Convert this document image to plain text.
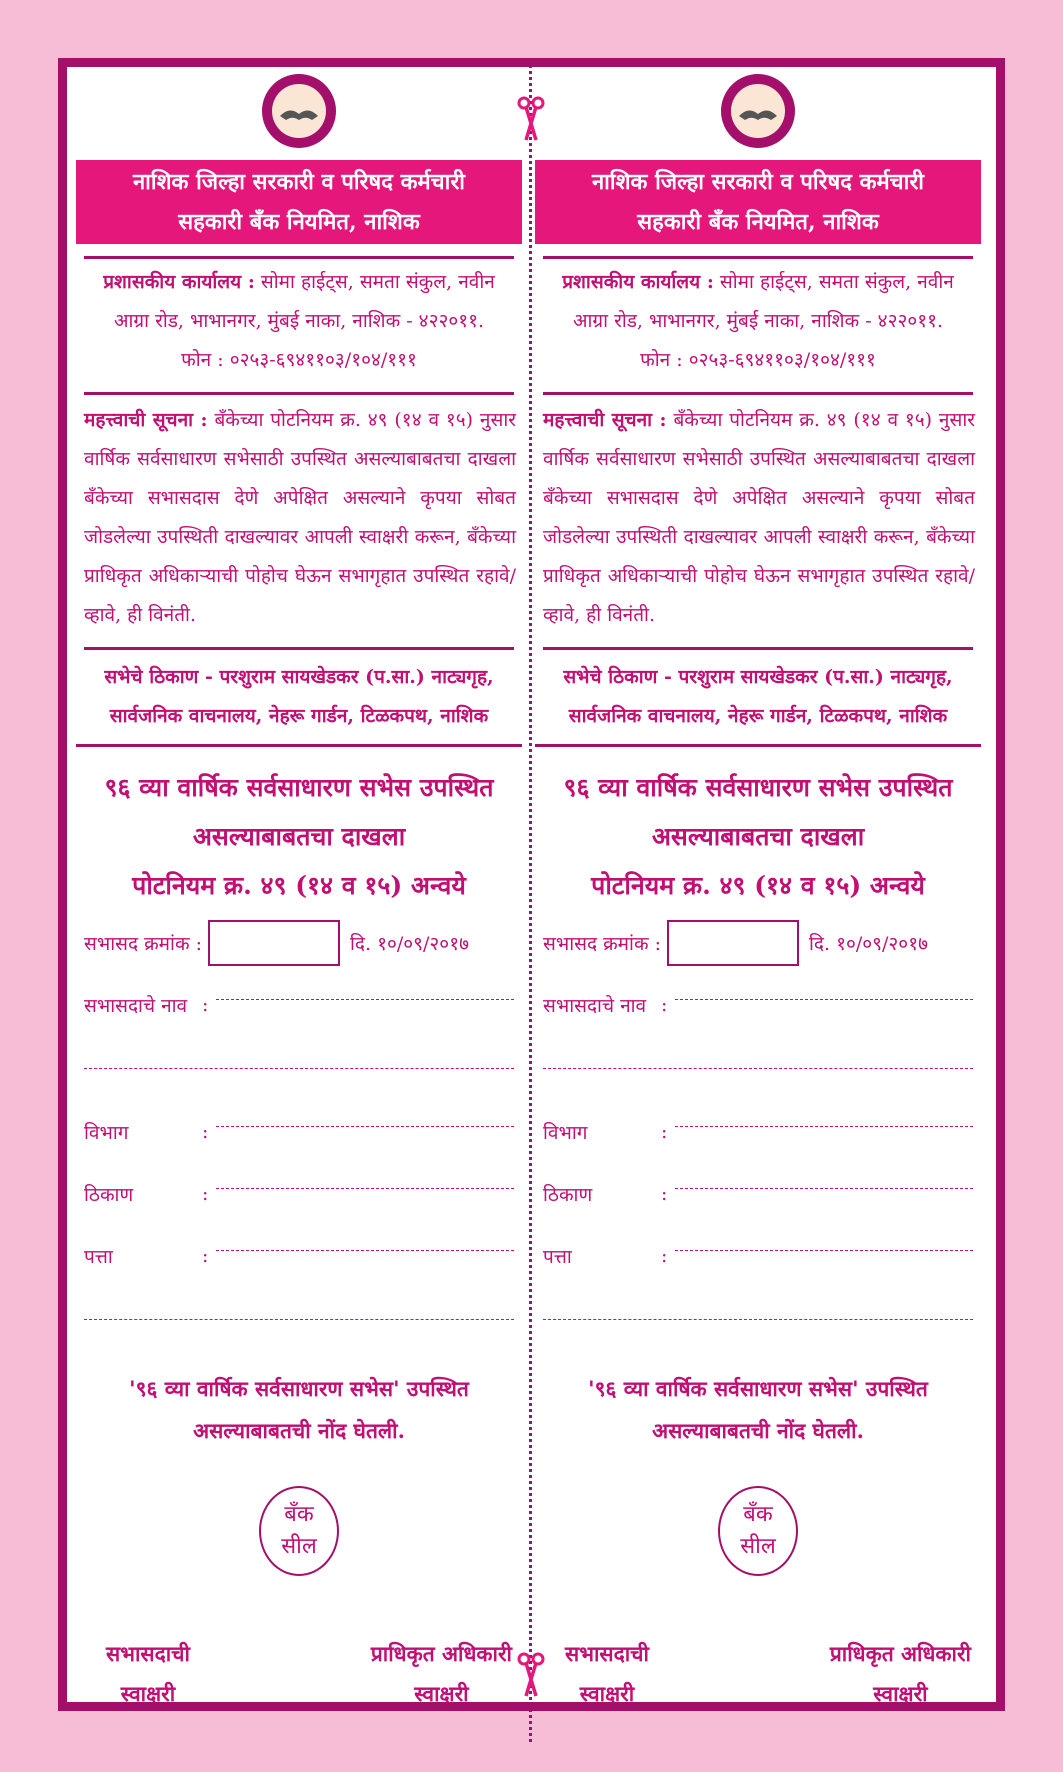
नाशिक जिल्हा सरकारी व परिषद कर्मचारी
सहकारी बँक नियमित, नाशिक
प्रशासकीय कार्यालय : सोमा हाईट्स, समता संकुल, नवीन आग्रा रोड, भाभानगर, मुंबई नाका, नाशिक - ४२२०११.
फोन : ०२५३-६९४११०३/१०४/१११
महत्त्वाची सूचना : बँकेच्या पोटनियम क्र. ४९ (१४ व १५) नुसार वार्षिक सर्वसाधारण सभेसाठी उपस्थित असल्याबाबतचा दाखला बँकेच्या सभासदास देणे अपेक्षित असल्याने कृपया सोबत जोडलेल्या उपस्थिती दाखल्यावर आपली स्वाक्षरी करून, बँकेच्या प्राधिकृत अधिकाऱ्याची पोहोच घेऊन सभागृहात उपस्थित रहावे/व्हावे, ही विनंती.
सभेचे ठिकाण - परशुराम सायखेडकर (प.सा.) नाट्यगृह,
सार्वजनिक वाचनालय, नेहरू गार्डन, टिळकपथ, नाशिक
९६ व्या वार्षिक सर्वसाधारण सभेस उपस्थित
असल्याबाबतचा दाखला
पोटनियम क्र. ४९ (१४ व १५) अन्वये
सभासद क्रमांक :	दि. १०/०९/२०१७
सभासदाचे नाव :
विभाग	:
ठिकाण	:
पत्ता	:
'९६ व्या वार्षिक सर्वसाधारण सभेस' उपस्थित
असल्याबाबतची नोंद घेतली.
बँक
सील
सभासदाची
स्वाक्षरी
प्राधिकृत अधिकारी
स्वाक्षरी
नाशिक जिल्हा सरकारी व परिषद कर्मचारी
सहकारी बँक नियमित, नाशिक
प्रशासकीय कार्यालय : सोमा हाईट्स, समता संकुल, नवीन आग्रा रोड, भाभानगर, मुंबई नाका, नाशिक - ४२२०११.
फोन : ०२५३-६९४११०३/१०४/१११
महत्त्वाची सूचना : बँकेच्या पोटनियम क्र. ४९ (१४ व १५) नुसार वार्षिक सर्वसाधारण सभेसाठी उपस्थित असल्याबाबतचा दाखला बँकेच्या सभासदास देणे अपेक्षित असल्याने कृपया सोबत जोडलेल्या उपस्थिती दाखल्यावर आपली स्वाक्षरी करून, बँकेच्या प्राधिकृत अधिकाऱ्याची पोहोच घेऊन सभागृहात उपस्थित रहावे/व्हावे, ही विनंती.
सभेचे ठिकाण - परशुराम सायखेडकर (प.सा.) नाट्यगृह,
सार्वजनिक वाचनालय, नेहरू गार्डन, टिळकपथ, नाशिक
९६ व्या वार्षिक सर्वसाधारण सभेस उपस्थित
असल्याबाबतचा दाखला
पोटनियम क्र. ४९ (१४ व १५) अन्वये
सभासद क्रमांक :	दि. १०/०९/२०१७
सभासदाचे नाव :
विभाग	:
ठिकाण	:
पत्ता	:
'९६ व्या वार्षिक सर्वसाधारण सभेस' उपस्थित
असल्याबाबतची नोंद घेतली.
बँक
सील
सभासदाची
स्वाक्षरी
प्राधिकृत अधिकारी
स्वाक्षरी
